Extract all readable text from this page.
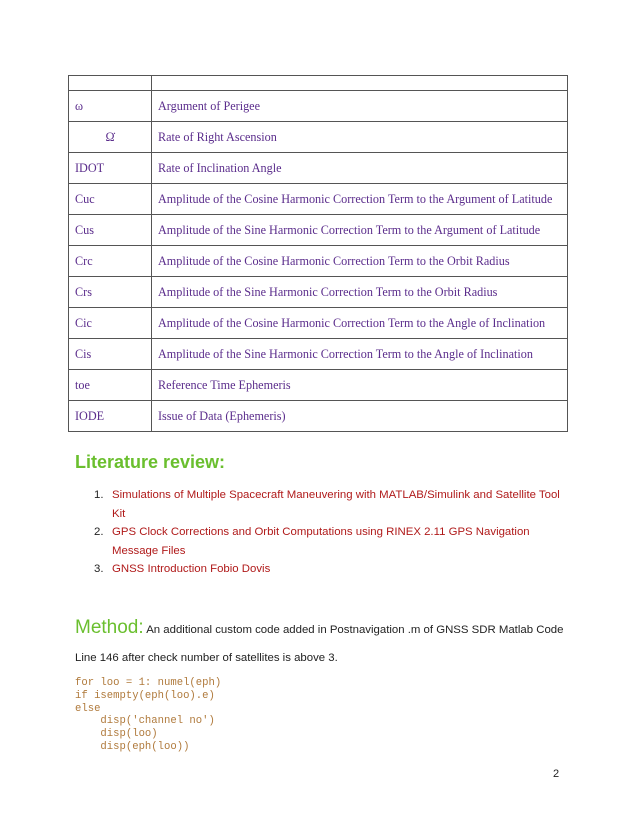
ω	Argument of Perigee
Ω̇	Rate of Right Ascension
IDOT	Rate of Inclination Angle
Cuc	Amplitude of the Cosine Harmonic Correction Term to the Argument of Latitude
Cus	Amplitude of the Sine Harmonic Correction Term to the Argument of Latitude
Crc	Amplitude of the Cosine Harmonic Correction Term to the Orbit Radius
Crs	Amplitude of the Sine Harmonic Correction Term to the Orbit Radius
Cic	Amplitude of the Cosine Harmonic Correction Term to the Angle of Inclination
Cis	Amplitude of the Sine Harmonic Correction Term to the Angle of Inclination
toe	Reference Time Ephemeris
IODE	Issue of Data (Ephemeris)
Literature review:
1. Simulations of Multiple Spacecraft Maneuvering with MATLAB/Simulink and Satellite Tool Kit
2. GPS Clock Corrections and Orbit Computations using RINEX 2.11 GPS Navigation Message Files
3. GNSS Introduction Fobio Dovis
Method: An additional custom code added in Postnavigation .m of GNSS SDR Matlab Code
Line 146 after check number of satellites is above 3.
for loo = 1: numel(eph)
if isempty(eph(loo).e)
else
disp('channel no')
disp(loo)
disp(eph(loo))
2
